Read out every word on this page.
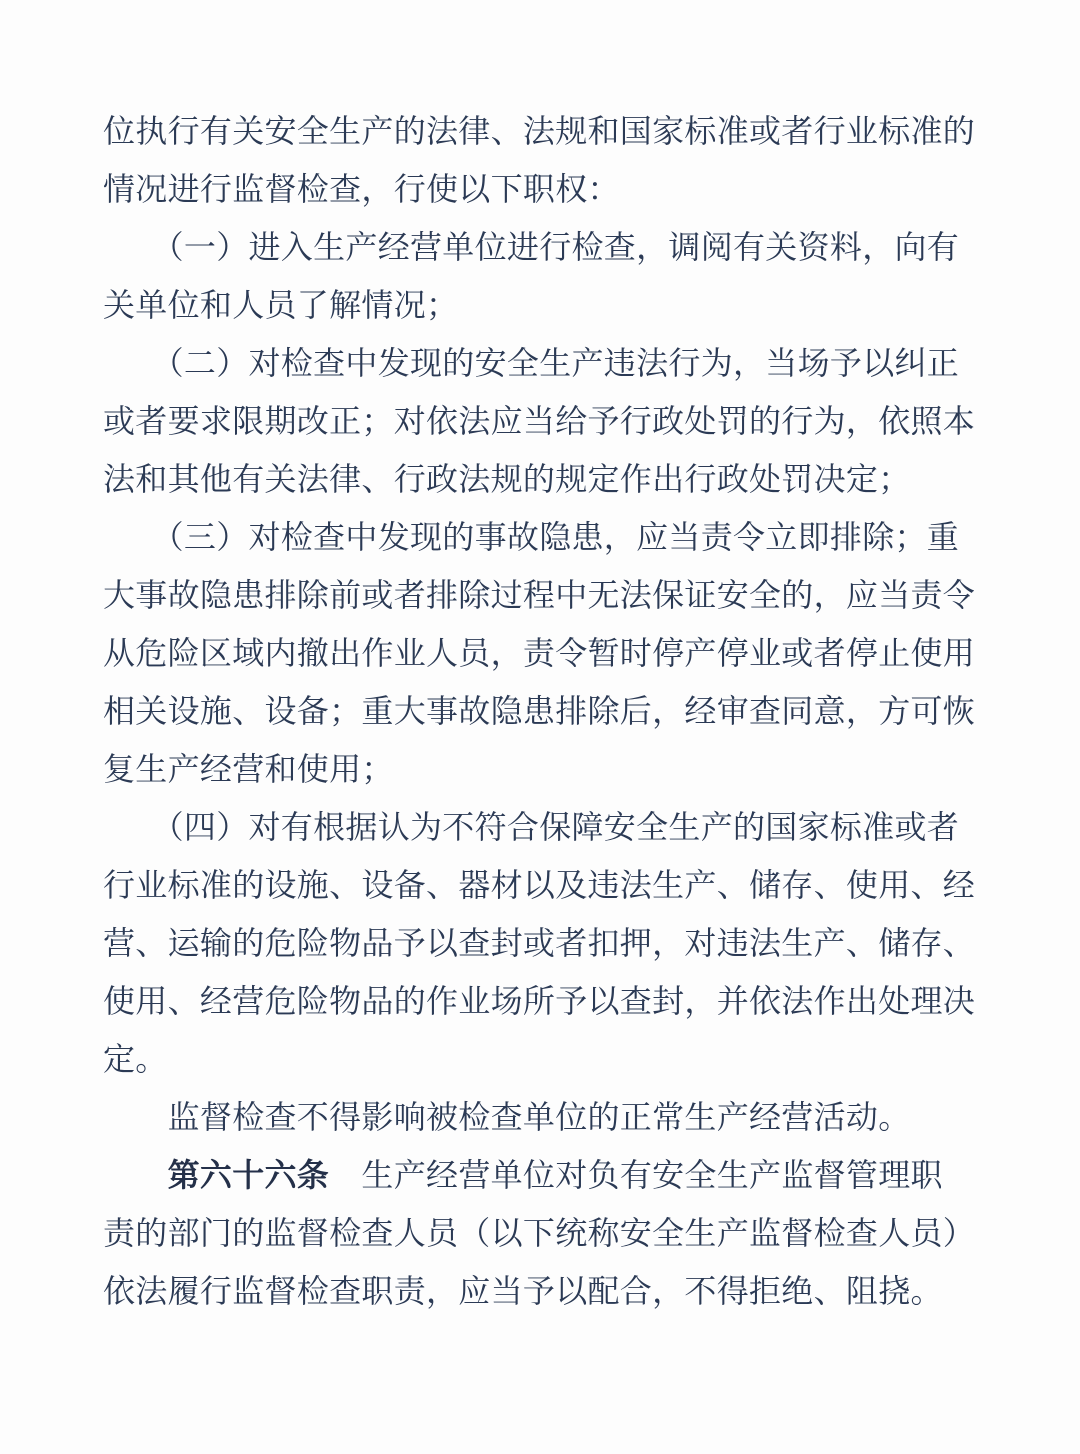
位执行有关安全生产的法律、法规和国家标准或者行业标准的
情况进行监督检查，行使以下职权：
　　（一）进入生产经营单位进行检查，调阅有关资料，向有
关单位和人员了解情况；
　　（二）对检查中发现的安全生产违法行为，当场予以纠正
或者要求限期改正；对依法应当给予行政处罚的行为，依照本
法和其他有关法律、行政法规的规定作出行政处罚决定；
　　（三）对检查中发现的事故隐患，应当责令立即排除；重
大事故隐患排除前或者排除过程中无法保证安全的，应当责令
从危险区域内撤出作业人员，责令暂时停产停业或者停止使用
相关设施、设备；重大事故隐患排除后，经审查同意，方可恢
复生产经营和使用；
　　（四）对有根据认为不符合保障安全生产的国家标准或者
行业标准的设施、设备、器材以及违法生产、储存、使用、经
营、运输的危险物品予以查封或者扣押，对违法生产、储存、
使用、经营危险物品的作业场所予以查封，并依法作出处理决
定。
　　监督检查不得影响被检查单位的正常生产经营活动。
　　第六十六条　生产经营单位对负有安全生产监督管理职
责的部门的监督检查人员（以下统称安全生产监督检查人员）
依法履行监督检查职责，应当予以配合，不得拒绝、阻挠。
